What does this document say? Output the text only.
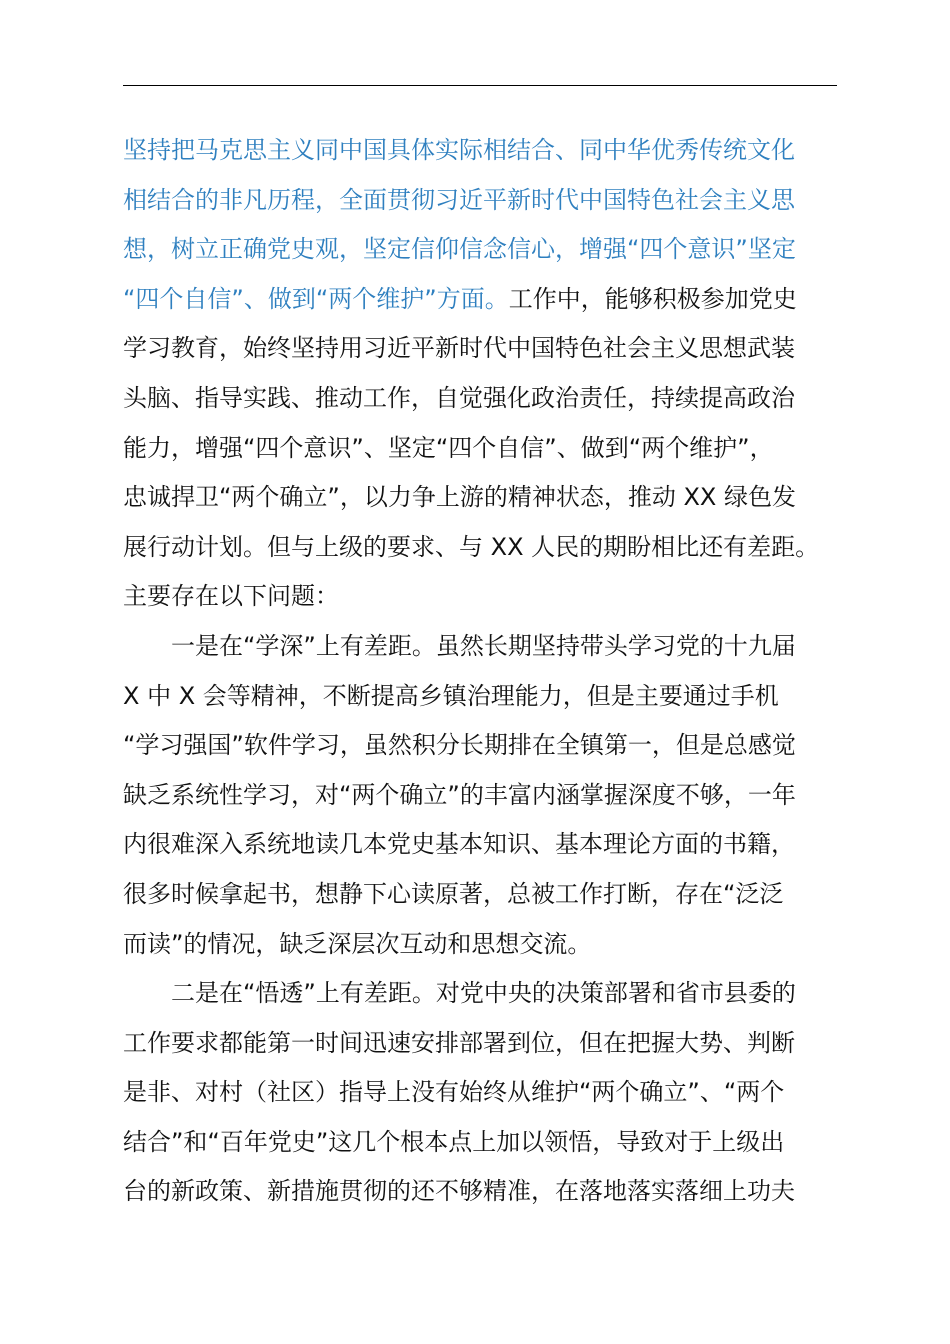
坚持把马克思主义同中国具体实际相结合、同中华优秀传统文化
相结合的非凡历程，全面贯彻习近平新时代中国特色社会主义思
想，树立正确党史观，坚定信仰信念信心，增强“四个意识”坚定
“四个自信”、做到“两个维护”方面。工作中，能够积极参加党史
学习教育，始终坚持用习近平新时代中国特色社会主义思想武装
头脑、指导实践、推动工作，自觉强化政治责任，持续提高政治
能力，增强“四个意识”、坚定“四个自信”、做到“两个维护”，
忠诚捍卫“两个确立”，以力争上游的精神状态，推动 XX 绿色发
展行动计划。但与上级的要求、与 XX 人民的期盼相比还有差距。
主要存在以下问题：
一是在“学深”上有差距。虽然长期坚持带头学习党的十九届
X 中 X 会等精神，不断提高乡镇治理能力，但是主要通过手机
“学习强国”软件学习，虽然积分长期排在全镇第一，但是总感觉
缺乏系统性学习，对“两个确立”的丰富内涵掌握深度不够，一年
内很难深入系统地读几本党史基本知识、基本理论方面的书籍，
很多时候拿起书，想静下心读原著，总被工作打断，存在“泛泛
而读”的情况，缺乏深层次互动和思想交流。
二是在“悟透”上有差距。对党中央的决策部署和省市县委的
工作要求都能第一时间迅速安排部署到位，但在把握大势、判断
是非、对村（社区）指导上没有始终从维护“两个确立”、“两个
结合”和“百年党史”这几个根本点上加以领悟，导致对于上级出
台的新政策、新措施贯彻的还不够精准，在落地落实落细上功夫
